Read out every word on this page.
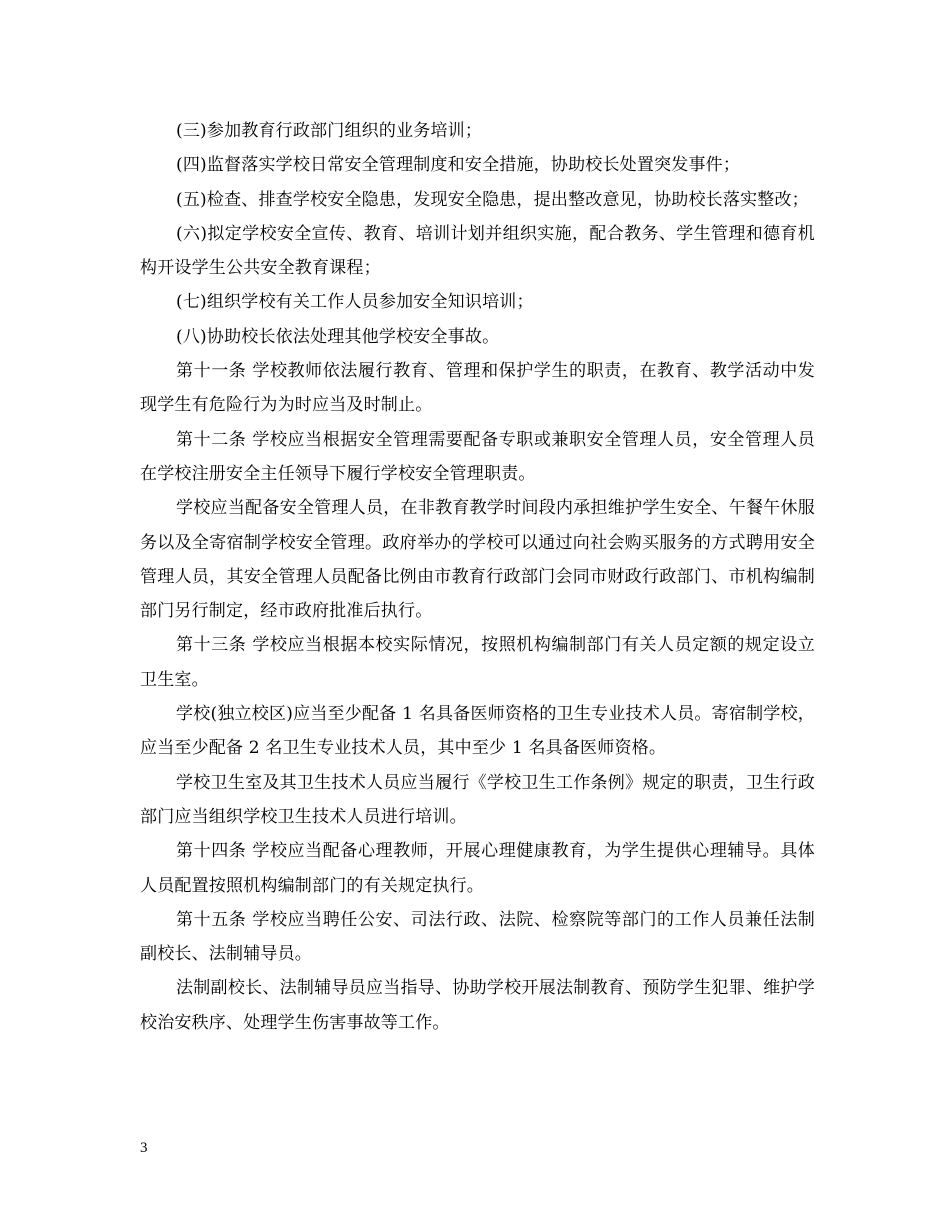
(三)参加教育行政部门组织的业务培训；

(四)监督落实学校日常安全管理制度和安全措施，协助校长处置突发事件；

(五)检查、排查学校安全隐患，发现安全隐患，提出整改意见，协助校长落实整改；

(六)拟定学校安全宣传、教育、培训计划并组织实施，配合教务、学生管理和德育机构开设学生公共安全教育课程；

(七)组织学校有关工作人员参加安全知识培训；

(八)协助校长依法处理其他学校安全事故。

第十一条 学校教师依法履行教育、管理和保护学生的职责，在教育、教学活动中发现学生有危险行为为时应当及时制止。

第十二条 学校应当根据安全管理需要配备专职或兼职安全管理人员，安全管理人员在学校注册安全主任领导下履行学校安全管理职责。

学校应当配备安全管理人员，在非教育教学时间段内承担维护学生安全、午餐午休服务以及全寄宿制学校安全管理。政府举办的学校可以通过向社会购买服务的方式聘用安全管理人员，其安全管理人员配备比例由市教育行政部门会同市财政行政部门、市机构编制部门另行制定，经市政府批准后执行。

第十三条 学校应当根据本校实际情况，按照机构编制部门有关人员定额的规定设立卫生室。

学校(独立校区)应当至少配备 1 名具备医师资格的卫生专业技术人员。寄宿制学校，应当至少配备 2 名卫生专业技术人员，其中至少 1 名具备医师资格。

学校卫生室及其卫生技术人员应当履行《学校卫生工作条例》规定的职责，卫生行政部门应当组织学校卫生技术人员进行培训。

第十四条 学校应当配备心理教师，开展心理健康教育，为学生提供心理辅导。具体人员配置按照机构编制部门的有关规定执行。

第十五条 学校应当聘任公安、司法行政、法院、检察院等部门的工作人员兼任法制副校长、法制辅导员。

法制副校长、法制辅导员应当指导、协助学校开展法制教育、预防学生犯罪、维护学校治安秩序、处理学生伤害事故等工作。

3
